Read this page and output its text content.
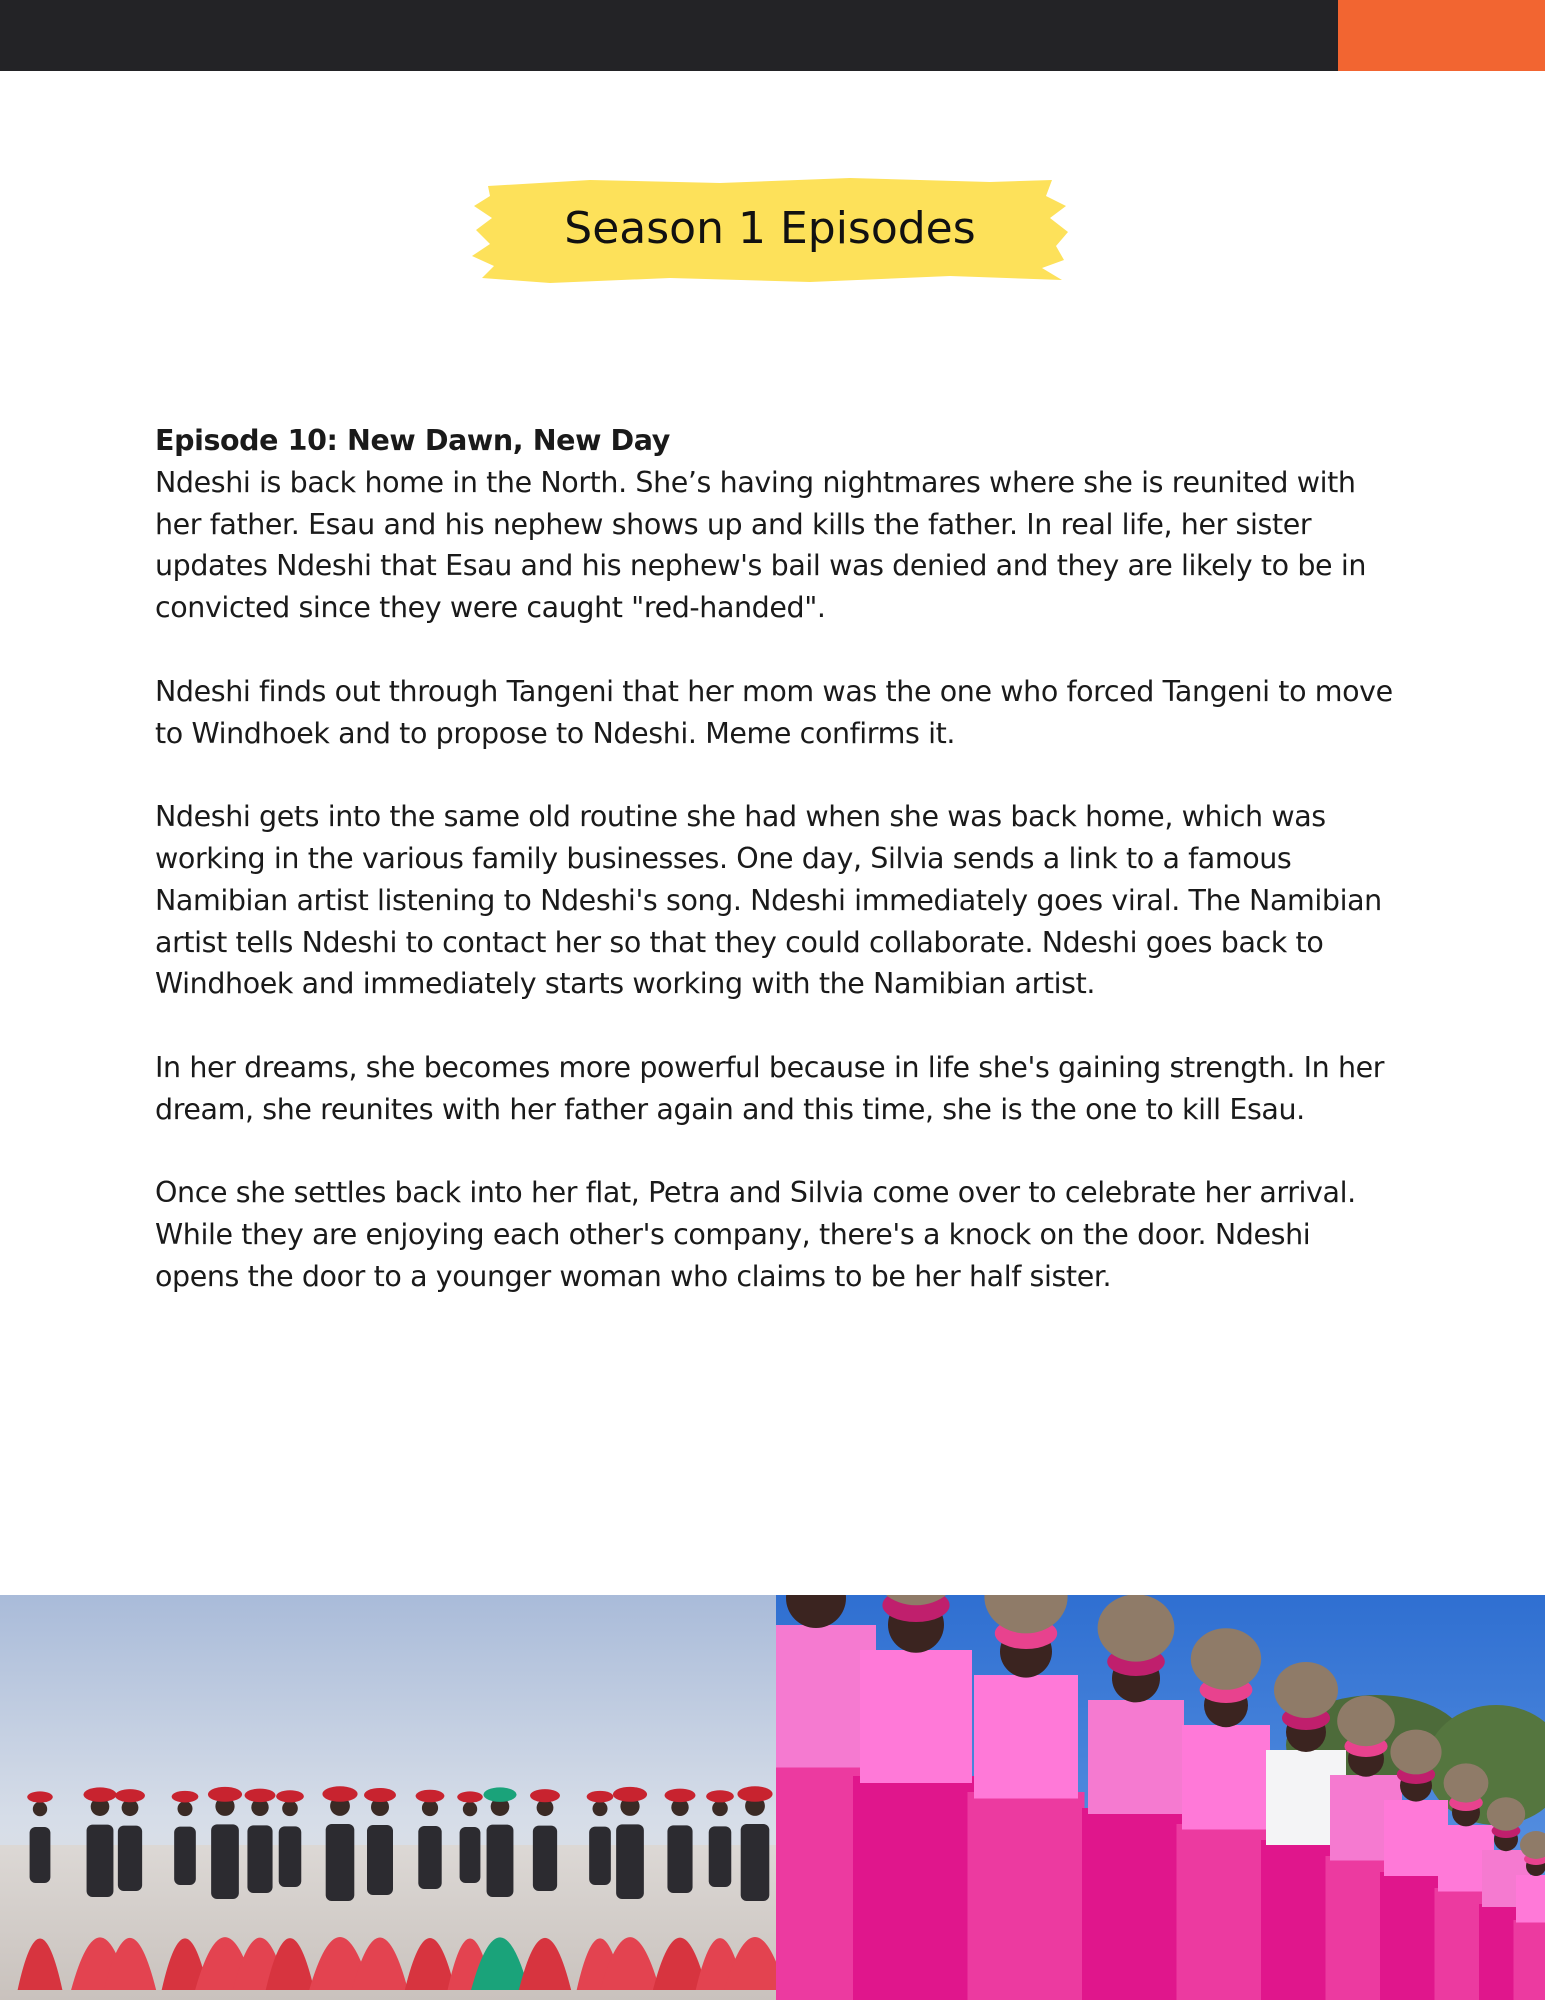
Season 1 Episodes
Episode 10: New Dawn, New Day

Ndeshi is back home in the North. She’s having nightmares where she is reunited with her father. Esau and his nephew shows up and kills the father. In real life, her sister updates Ndeshi that Esau and his nephew's bail was denied and they are likely to be in convicted since they were caught "red-handed".

Ndeshi finds out through Tangeni that her mom was the one who forced Tangeni to move to Windhoek and to propose to Ndeshi. Meme confirms it.

Ndeshi gets into the same old routine she had when she was back home, which was working in the various family businesses. One day, Silvia sends a link to a famous Namibian artist listening to Ndeshi's song. Ndeshi immediately goes viral. The Namibian artist tells Ndeshi to contact her so that they could collaborate. Ndeshi goes back to Windhoek and immediately starts working with the Namibian artist.

In her dreams, she becomes more powerful because in life she's gaining strength. In her dream, she reunites with her father again and this time, she is the one to kill Esau.

Once she settles back into her flat, Petra and Silvia come over to celebrate her arrival. While they are enjoying each other's company, there's a knock on the door. Ndeshi opens the door to a younger woman who claims to be her half sister.
